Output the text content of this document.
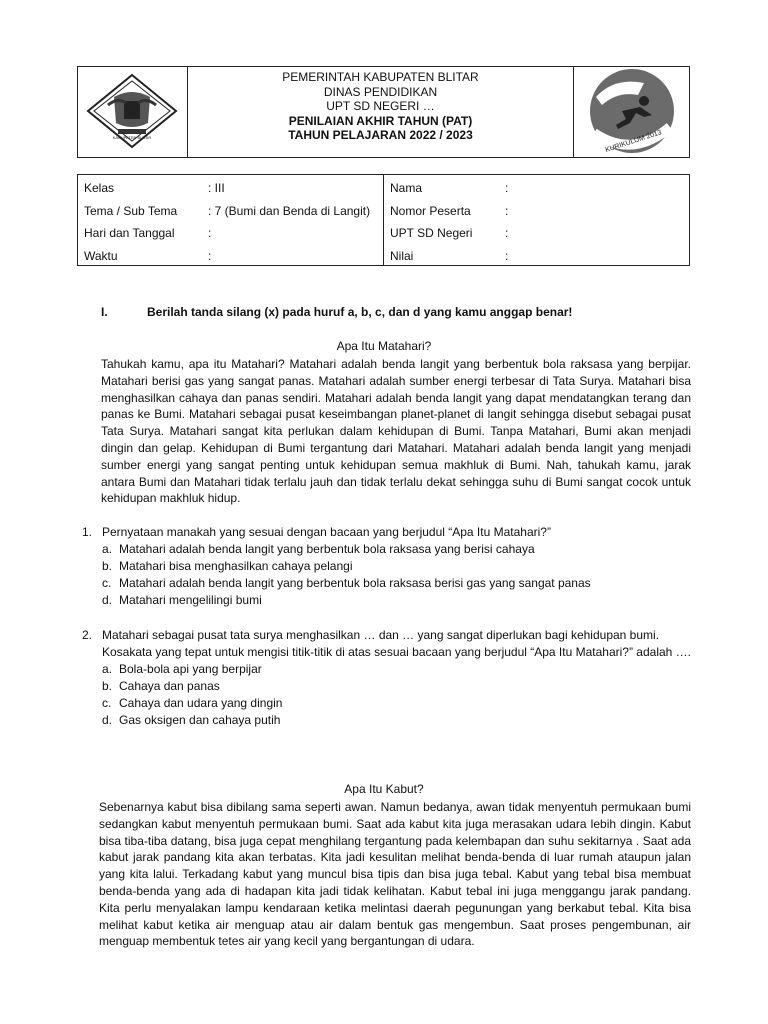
KABUPATEN BLITAR
PEMERINTAH KABUPATEN BLITAR
DINAS PENDIDIKAN
UPT SD NEGERI …
PENILAIAN AKHIR TAHUN (PAT)
TAHUN PELAJARAN 2022 / 2023	KURIKULUM 2013
Kelas	: III
Tema / Sub Tema	: 7 (Bumi dan Benda di Langit)
Hari dan Tanggal	:
Waktu	:
Nama	:
Nomor Peserta	:
UPT SD Negeri	:
Nilai	:
I.	Berilah tanda silang (x) pada huruf a, b, c, dan d yang kamu anggap benar!
Apa Itu Matahari?
Tahukah kamu, apa itu Matahari? Matahari adalah benda langit yang berbentuk bola raksasa yang berpijar. Matahari berisi gas yang sangat panas. Matahari adalah sumber energi terbesar di Tata Surya. Matahari bisa menghasilkan cahaya dan panas sendiri. Matahari adalah benda langit yang dapat mendatangkan terang dan panas ke Bumi. Matahari sebagai pusat keseimbangan planet-planet di langit sehingga disebut sebagai pusat Tata Surya. Matahari sangat kita perlukan dalam kehidupan di Bumi. Tanpa Matahari, Bumi akan menjadi dingin dan gelap. Kehidupan di Bumi tergantung dari Matahari. Matahari adalah benda langit yang menjadi sumber energi yang sangat penting untuk kehidupan semua makhluk di Bumi. Nah, tahukah kamu, jarak antara Bumi dan Matahari tidak terlalu jauh dan tidak terlalu dekat sehingga suhu di Bumi sangat cocok untuk kehidupan makhluk hidup.
1. Pernyataan manakah yang sesuai dengan bacaan yang berjudul “Apa Itu Matahari?”
a. Matahari adalah benda langit yang berbentuk bola raksasa yang berisi cahaya
b. Matahari bisa menghasilkan cahaya pelangi
c. Matahari adalah benda langit yang berbentuk bola raksasa berisi gas yang sangat panas
d. Matahari mengelilingi bumi
2. Matahari sebagai pusat tata surya menghasilkan … dan … yang sangat diperlukan bagi kehidupan bumi. Kosakata yang tepat untuk mengisi titik-titik di atas sesuai bacaan yang berjudul “Apa Itu Matahari?” adalah ….
a. Bola-bola api yang berpijar
b. Cahaya dan panas
c. Cahaya dan udara yang dingin
d. Gas oksigen dan cahaya putih
Apa Itu Kabut?
Sebenarnya kabut bisa dibilang sama seperti awan. Namun bedanya, awan tidak menyentuh permukaan bumi sedangkan kabut menyentuh permukaan bumi. Saat ada kabut kita juga merasakan udara lebih dingin. Kabut bisa tiba-tiba datang, bisa juga cepat menghilang tergantung pada kelembapan dan suhu sekitarnya . Saat ada kabut jarak pandang kita akan terbatas. Kita jadi kesulitan melihat benda-benda di luar rumah ataupun jalan yang kita lalui. Terkadang kabut yang muncul bisa tipis dan bisa juga tebal. Kabut yang tebal bisa membuat benda-benda yang ada di hadapan kita jadi tidak kelihatan. Kabut tebal ini juga menggangu jarak pandang. Kita perlu menyalakan lampu kendaraan ketika melintasi daerah pegunungan yang berkabut tebal. Kita bisa melihat kabut ketika air menguap atau air dalam bentuk gas mengembun. Saat proses pengembunan, air menguap membentuk tetes air yang kecil yang bergantungan di udara.
